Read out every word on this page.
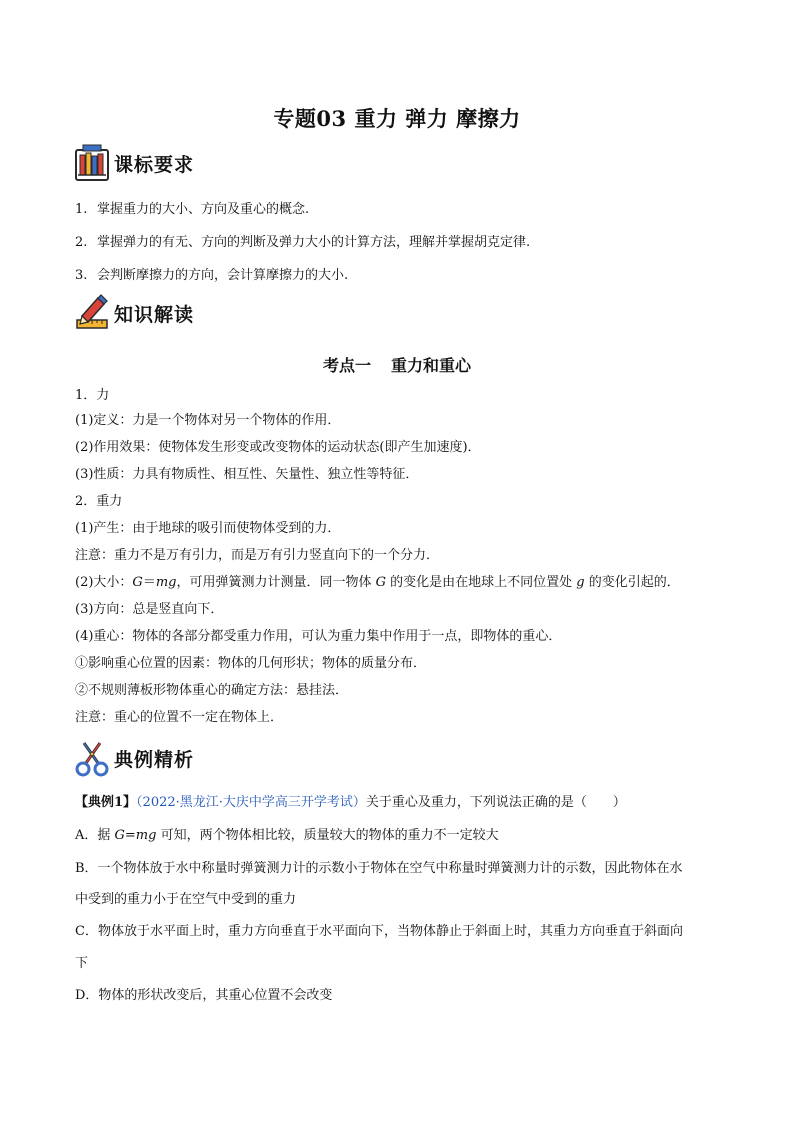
专题03 重力 弹力 摩擦力
课标要求
1. 掌握重力的大小、方向及重心的概念.
2. 掌握弹力的有无、方向的判断及弹力大小的计算方法，理解并掌握胡克定律.
3. 会判断摩擦力的方向，会计算摩擦力的大小.
知识解读
考点一 重力和重心
1．力
(1)定义：力是一个物体对另一个物体的作用．
(2)作用效果：使物体发生形变或改变物体的运动状态(即产生加速度)．
(3)性质：力具有物质性、相互性、矢量性、独立性等特征．
2．重力
(1)产生：由于地球的吸引而使物体受到的力．
注意：重力不是万有引力，而是万有引力竖直向下的一个分力．
(2)大小：G＝mg，可用弹簧测力计测量．同一物体 G 的变化是由在地球上不同位置处 g 的变化引起的．
(3)方向：总是竖直向下．
(4)重心：物体的各部分都受重力作用，可认为重力集中作用于一点，即物体的重心．
①影响重心位置的因素：物体的几何形状；物体的质量分布．
②不规则薄板形物体重心的确定方法：悬挂法．
注意：重心的位置不一定在物体上．
典例精析
【典例1】（2022·黑龙江·大庆中学高三开学考试）关于重心及重力，下列说法正确的是（　　）
A．据 G=mg 可知，两个物体相比较，质量较大的物体的重力不一定较大
B．一个物体放于水中称量时弹簧测力计的示数小于物体在空气中称量时弹簧测力计的示数，因此物体在水
中受到的重力小于在空气中受到的重力
C．物体放于水平面上时，重力方向垂直于水平面向下，当物体静止于斜面上时，其重力方向垂直于斜面向
下
D．物体的形状改变后，其重心位置不会改变
